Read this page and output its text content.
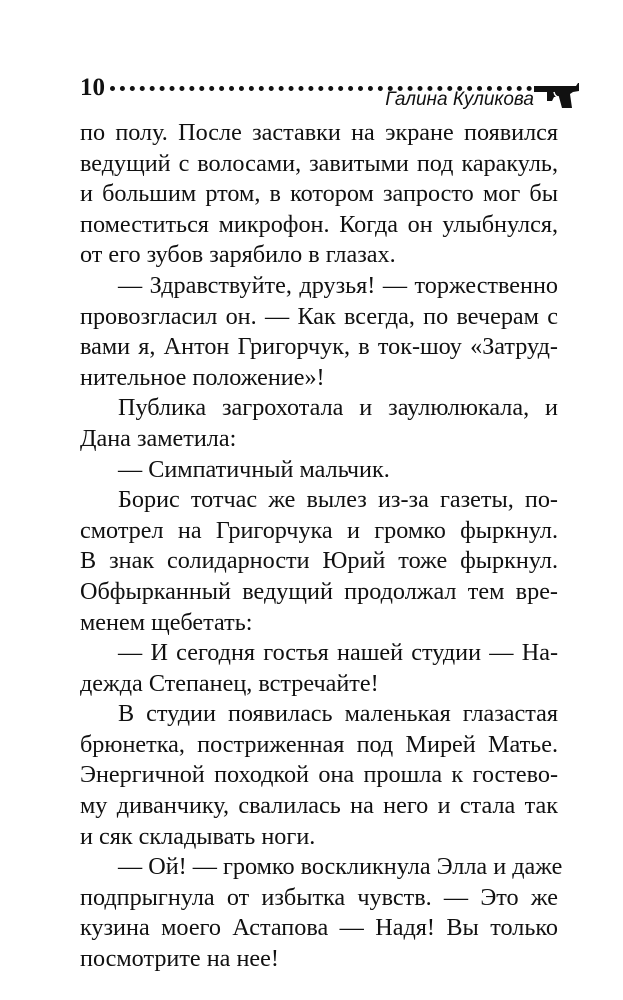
10	Галина Куликова
по полу. После заставки на экране появился
ведущий с волосами, завитыми под каракуль,
и большим ртом, в котором запросто мог бы
поместиться микрофон. Когда он улыбнулся,
от его зубов зарябило в глазах.
— Здравствуйте, друзья! — торжественно
провозгласил он. — Как всегда, по вечерам с
вами я, Антон Григорчук, в ток-шоу «Затруд-
нительное положение»!
Публика загрохотала и заулюлюкала, и
Дана заметила:
— Симпатичный мальчик.
Борис тотчас же вылез из-за газеты, по-
смотрел на Григорчука и громко фыркнул.
В знак солидарности Юрий тоже фыркнул.
Обфырканный ведущий продолжал тем вре-
менем щебетать:
— И сегодня гостья нашей студии — На-
дежда Степанец, встречайте!
В студии появилась маленькая глазастая
брюнетка, постриженная под Мирей Матье.
Энергичной походкой она прошла к гостево-
му диванчику, свалилась на него и стала так
и сяк складывать ноги.
— Ой! — громко воскликнула Элла и даже
подпрыгнула от избытка чувств. — Это же
кузина моего Астапова — Надя! Вы только
посмотрите на нее!
